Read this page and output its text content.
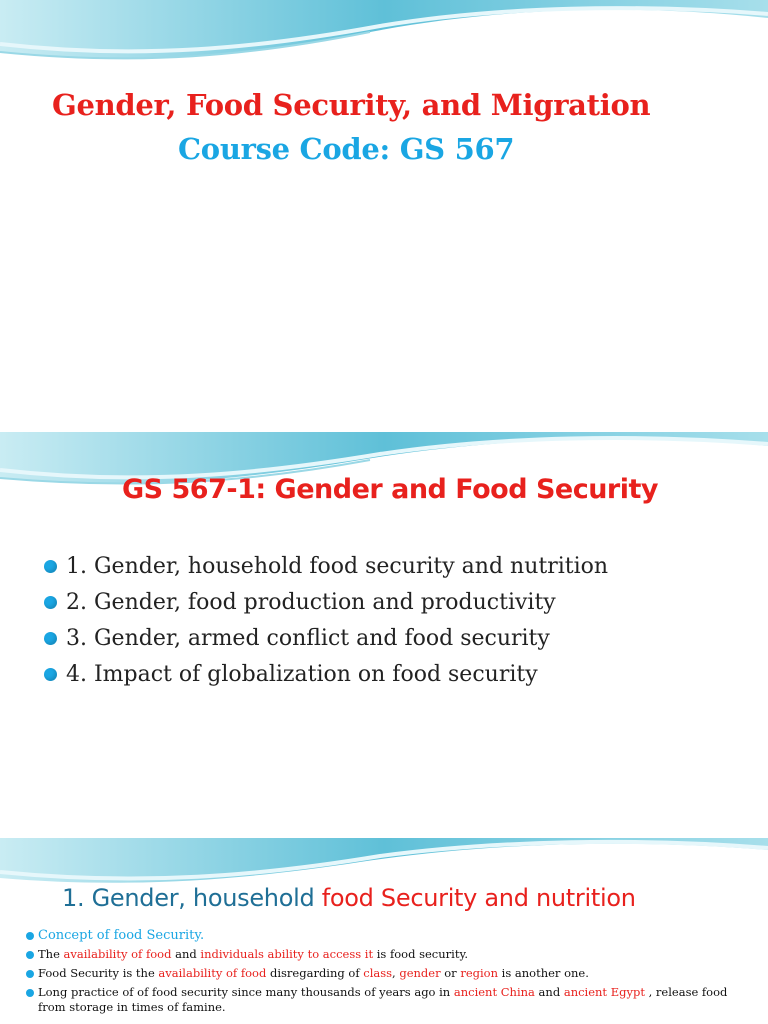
Gender, Food Security, and Migration
Course Code: GS 567
GS 567-1: Gender and Food Security
1. Gender, household food security and nutrition
2. Gender, food production and productivity
3. Gender, armed conflict and food security
4. Impact of globalization on food security
1. Gender, household food Security and nutrition
Concept of food Security.
The availability of food and individuals ability to access it is food security.
Food Security is the availability of food disregarding of class, gender or region is another one.
Long practice of of food security since many thousands of years ago in ancient China and ancient Egypt , release food from storage in times of famine.
